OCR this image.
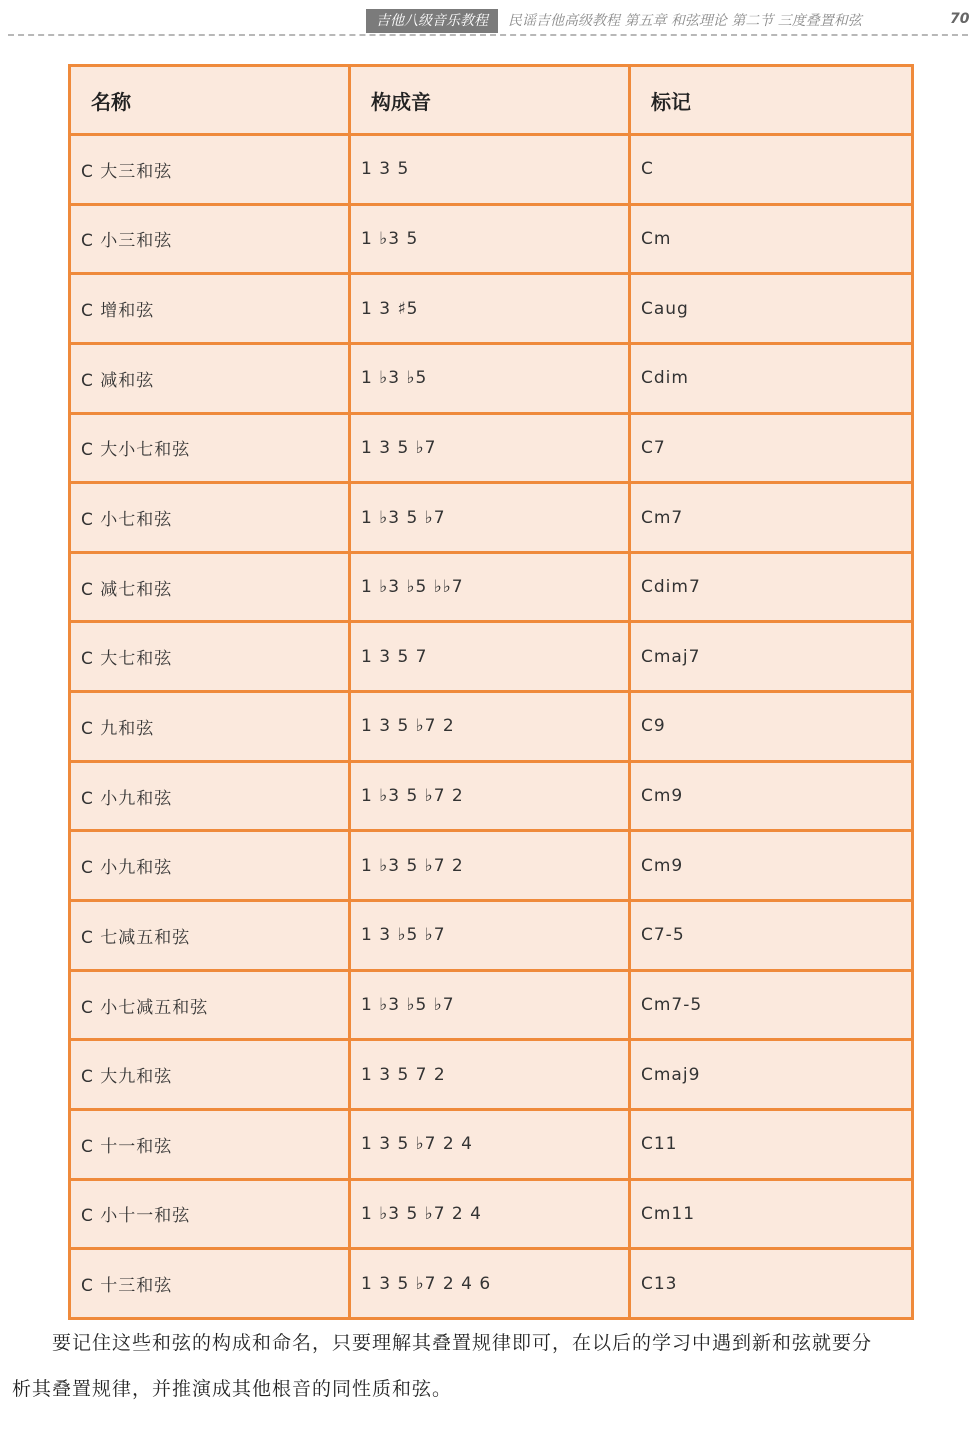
吉他八级音乐教程	民谣吉他高级教程 第五章 和弦理论 第二节 三度叠置和弦	70
名称	构成音	标记
C 大三和弦	1 3 5	C
C 小三和弦	1 ♭3 5	Cm
C 增和弦	1 3 ♯5	Caug
C 减和弦	1 ♭3 ♭5	Cdim
C 大小七和弦	1 3 5 ♭7	C7
C 小七和弦	1 ♭3 5 ♭7	Cm7
C 减七和弦	1 ♭3 ♭5 ♭♭7	Cdim7
C 大七和弦	1 3 5 7	Cmaj7
C 九和弦	1 3 5 ♭7 2	C9
C 小九和弦	1 ♭3 5 ♭7 2	Cm9
C 小九和弦	1 ♭3 5 ♭7 2	Cm9
C 七减五和弦	1 3 ♭5 ♭7	C7-5
C 小七减五和弦	1 ♭3 ♭5 ♭7	Cm7-5
C 大九和弦	1 3 5 7 2	Cmaj9
C 十一和弦	1 3 5 ♭7 2 4	C11
C 小十一和弦	1 ♭3 5 ♭7 2 4	Cm11
C 十三和弦	1 3 5 ♭7 2 4 6	C13
　　要记住这些和弦的构成和命名，只要理解其叠置规律即可，在以后的学习中遇到新和弦就要分
析其叠置规律，并推演成其他根音的同性质和弦。
